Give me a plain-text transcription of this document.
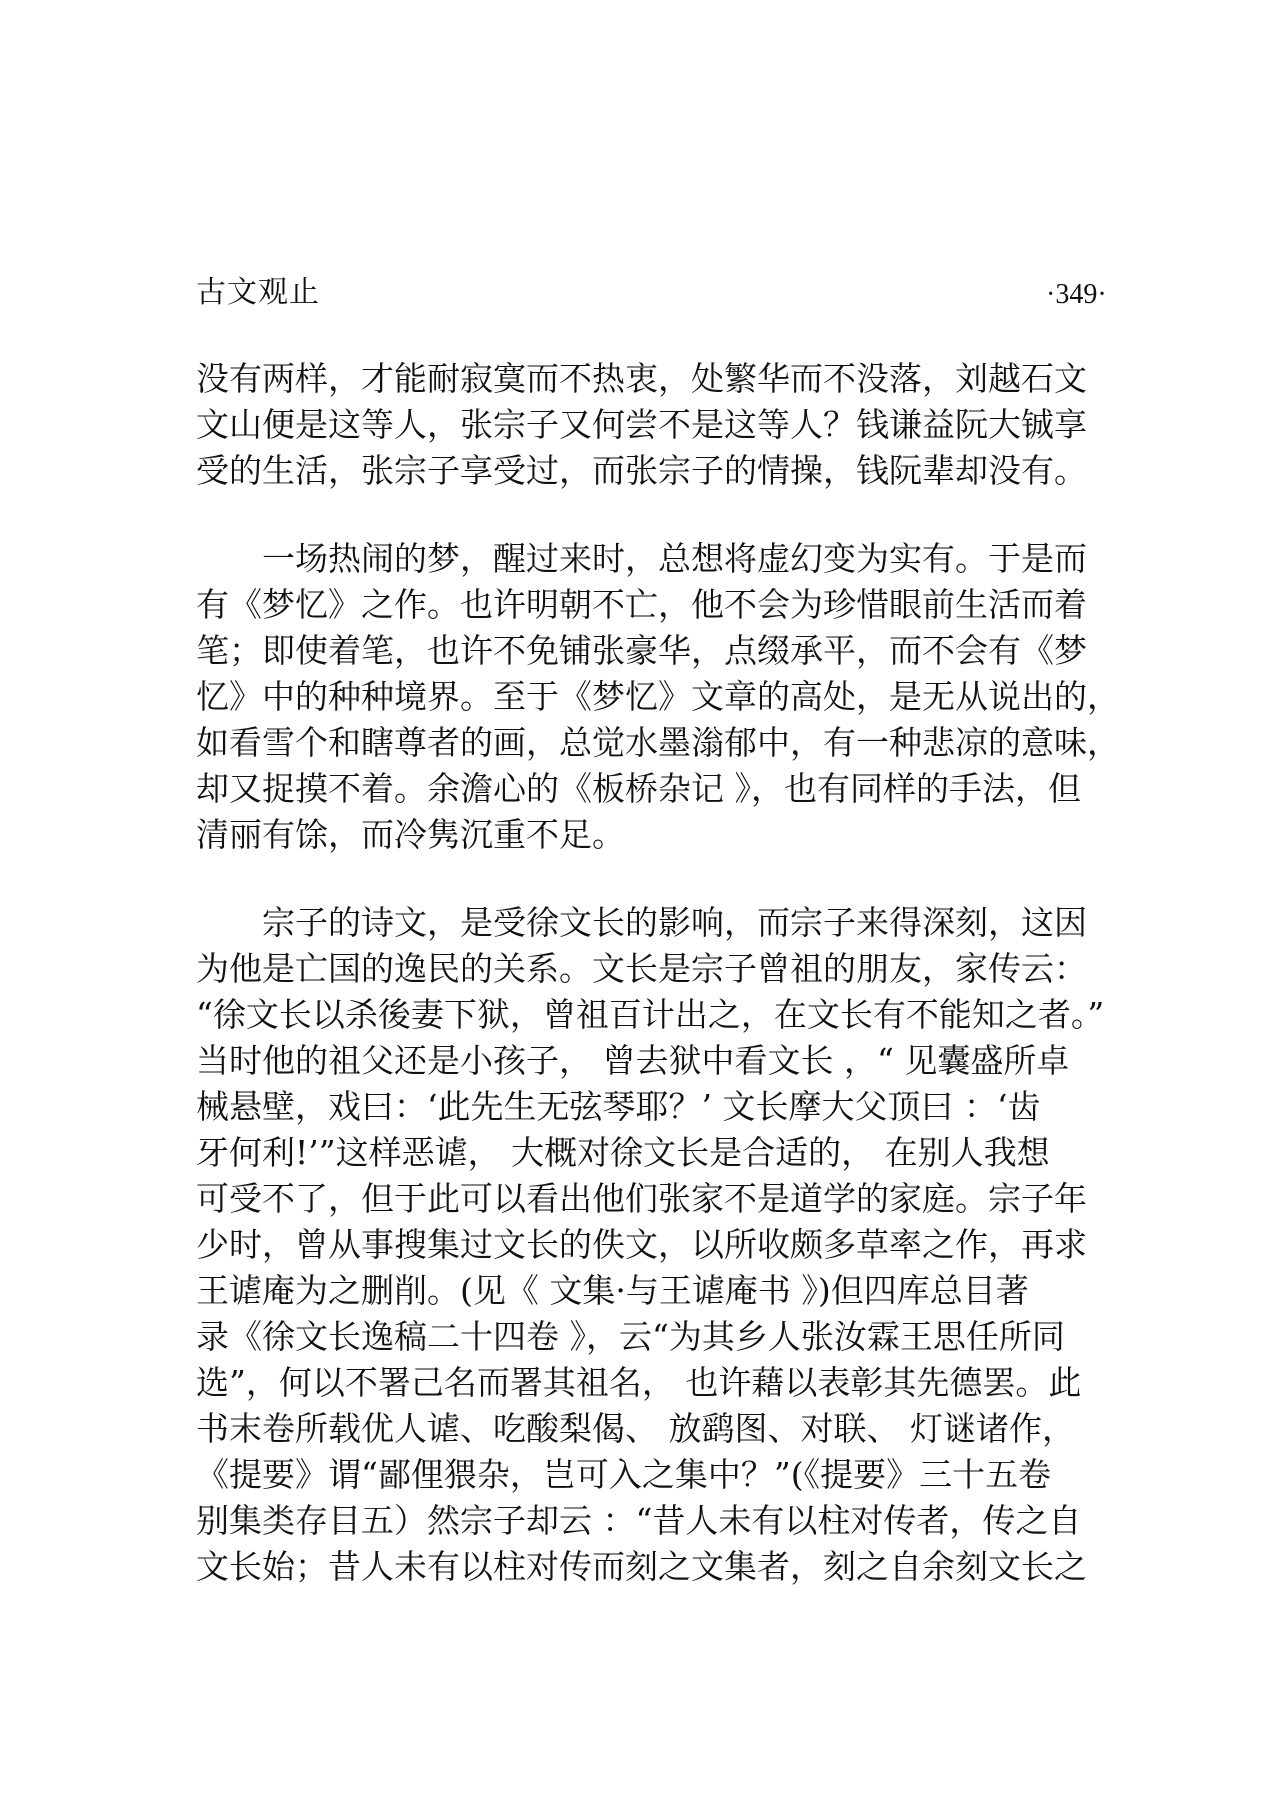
古文观止	·349·
没有两样，才能耐寂寞而不热衷，处繁华而不没落，刘越石文
文山便是这等人，张宗子又何尝不是这等人？钱谦益阮大铖享
受的生活，张宗子享受过，而张宗子的情操，钱阮辈却没有。
一场热闹的梦，醒过来时，总想将虚幻变为实有。于是而
有《梦忆》之作。也许明朝不亡，他不会为珍惜眼前生活而着
笔；即使着笔，也许不免铺张豪华，点缀承平，而不会有《梦
忆》中的种种境界。至于《梦忆》文章的高处，是无从说出的，
如看雪个和瞎尊者的画，总觉水墨滃郁中，有一种悲凉的意味，
却又捉摸不着。余澹心的《板桥杂记 》，也有同样的手法，但
清丽有馀，而冷隽沉重不足。
宗子的诗文，是受徐文长的影响，而宗子来得深刻，这因
为他是亡国的逸民的关系。文长是宗子曾祖的朋友，家传云：
“徐文长以杀後妻下狱，曾祖百计出之，在文长有不能知之者。”
当时他的祖父还是小孩子， 曾去狱中看文长 ，“ 见囊盛所卓
械悬壁，戏曰：‘此先生无弦琴耶？’ 文长摩大父顶曰 ：‘齿
牙何利!’”这样恶谑， 大概对徐文长是合适的， 在别人我想
可受不了，但于此可以看出他们张家不是道学的家庭。宗子年
少时，曾从事搜集过文长的佚文，以所收颇多草率之作，再求
王谑庵为之删削。(见《 文集·与王谑庵书 》)但四库总目著
录《徐文长逸稿二十四卷 》，云“为其乡人张汝霖王思任所同
选”，何以不署己名而署其祖名， 也许藉以表彰其先德罢。此
书末卷所载优人谑、吃酸梨偈、 放鹞图、对联、 灯谜诸作，
《提要》谓“鄙俚猥杂，岂可入之集中？”(《提要》三十五卷
别集类存目五）然宗子却云 ：“昔人未有以柱对传者，传之自
文长始；昔人未有以柱对传而刻之文集者，刻之自余刻文长之
